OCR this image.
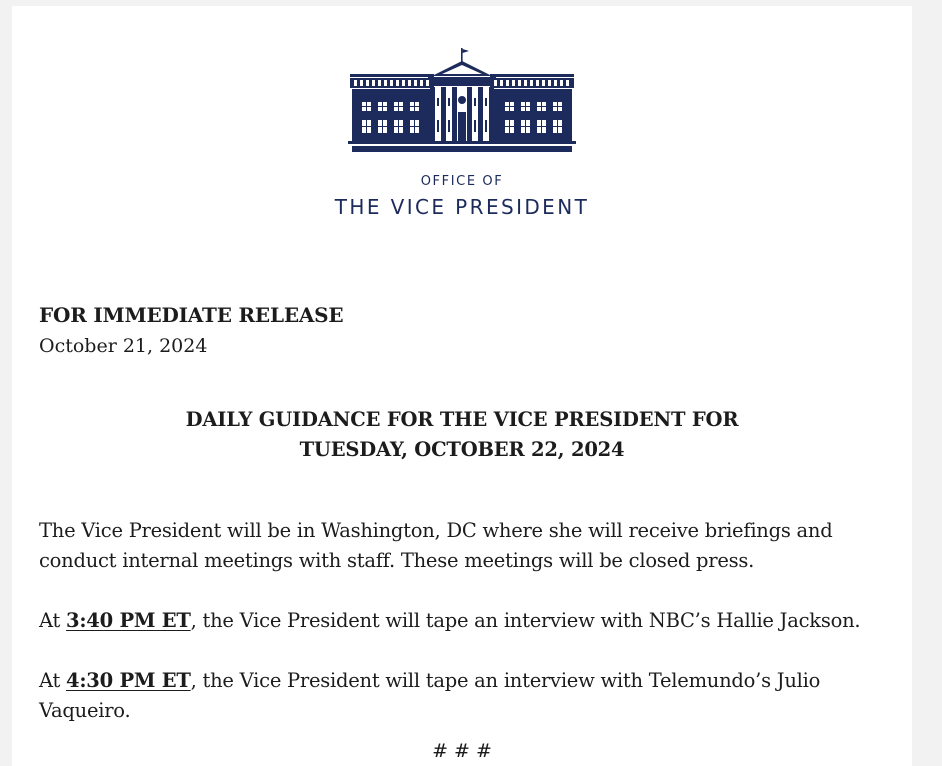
OFFICE OF
THE VICE PRESIDENT
FOR IMMEDIATE RELEASE
October 21, 2024
DAILY GUIDANCE FOR THE VICE PRESIDENT FOR
TUESDAY, OCTOBER 22, 2024
The Vice President will be in Washington, DC where she will receive briefings and conduct internal meetings with staff. These meetings will be closed press.
At 3:40 PM ET, the Vice President will tape an interview with NBC’s Hallie Jackson.
At 4:30 PM ET, the Vice President will tape an interview with Telemundo’s Julio Vaqueiro.
# # #
